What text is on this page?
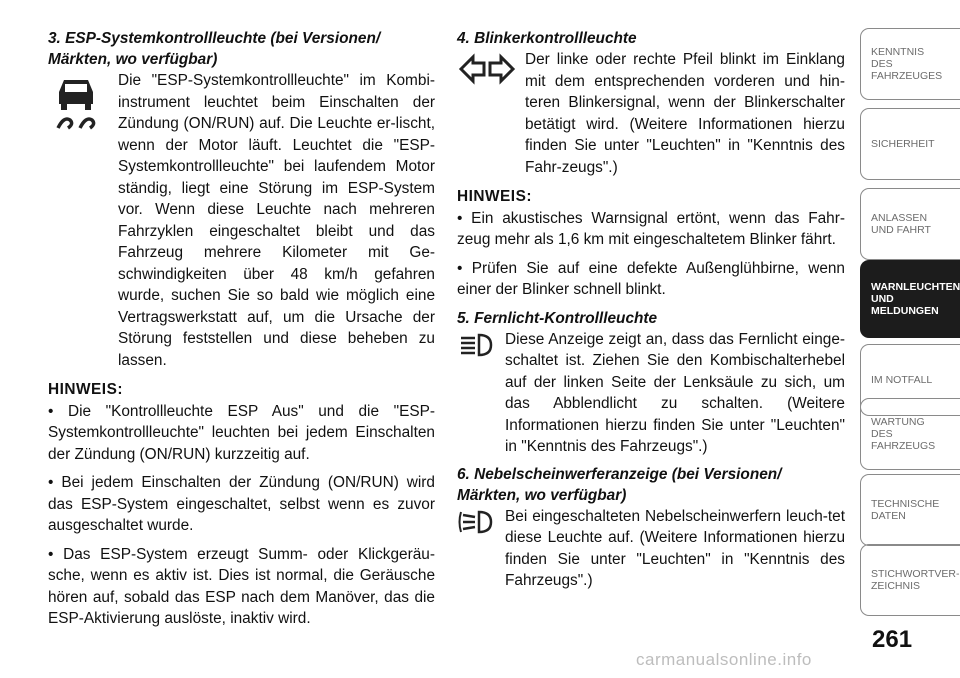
3. ESP-Systemkontrollleuchte (bei Versionen/ Märkten, wo verfügbar)
Die "ESP-Systemkontrollleuchte" im Kombi-instrument leuchtet beim Einschalten der Zündung (ON/RUN) auf. Die Leuchte er-lischt, wenn der Motor läuft. Leuchtet die "ESP-Systemkontrollleuchte" bei laufendem Motor ständig, liegt eine Störung im ESP-System vor. Wenn diese Leuchte nach mehreren Fahrzyklen eingeschaltet bleibt und das Fahrzeug mehrere Kilometer mit Ge-schwindigkeiten über 48 km/h gefahren wurde, suchen Sie so bald wie möglich eine Vertragswerkstatt auf, um die Ursache der Störung feststellen und diese beheben zu lassen.
HINWEIS:

• Die "Kontrollleuchte ESP Aus" und die "ESP-Systemkontrollleuchte" leuchten bei jedem Einschalten der Zündung (ON/RUN) kurzzeitig auf.

• Bei jedem Einschalten der Zündung (ON/RUN) wird das ESP-System eingeschaltet, selbst wenn es zuvor ausgeschaltet wurde.

• Das ESP-System erzeugt Summ- oder Klickgeräu-sche, wenn es aktiv ist. Dies ist normal, die Geräusche hören auf, sobald das ESP nach dem Manöver, das die ESP-Aktivierung auslöste, inaktiv wird.

4. Blinkerkontrollleuchte
Der linke oder rechte Pfeil blinkt im Einklang mit dem entsprechenden vorderen und hin-teren Blinkersignal, wenn der Blinkerschalter betätigt wird. (Weitere Informationen hierzu finden Sie unter "Leuchten" in "Kenntnis des Fahr-zeugs".)
HINWEIS:

• Ein akustisches Warnsignal ertönt, wenn das Fahr-zeug mehr als 1,6 km mit eingeschaltetem Blinker fährt.

• Prüfen Sie auf eine defekte Außenglühbirne, wenn einer der Blinker schnell blinkt.

5. Fernlicht-Kontrollleuchte
Diese Anzeige zeigt an, dass das Fernlicht einge-schaltet ist. Ziehen Sie den Kombischalterhebel auf der linken Seite der Lenksäule zu sich, um das Abblendlicht zu schalten. (Weitere Informationen hierzu finden Sie unter "Leuchten" in "Kenntnis des Fahrzeugs".)
6. Nebelscheinwerferanzeige (bei Versionen/ Märkten, wo verfügbar)
Bei eingeschalteten Nebelscheinwerfern leuch-tet diese Leuchte auf. (Weitere Informationen hierzu finden Sie unter "Leuchten" in "Kenntnis des Fahrzeugs".)
KENNTNIS
DES
FAHRZEUGES
SICHERHEIT
ANLASSEN
UND FAHRT
WARNLEUCHTEN
UND
MELDUNGEN
IM NOTFALL
WARTUNG
DES
FAHRZEUGS
TECHNISCHE
DATEN
STICHWORTVER-
ZEICHNIS
261
carmanualsonline.info
